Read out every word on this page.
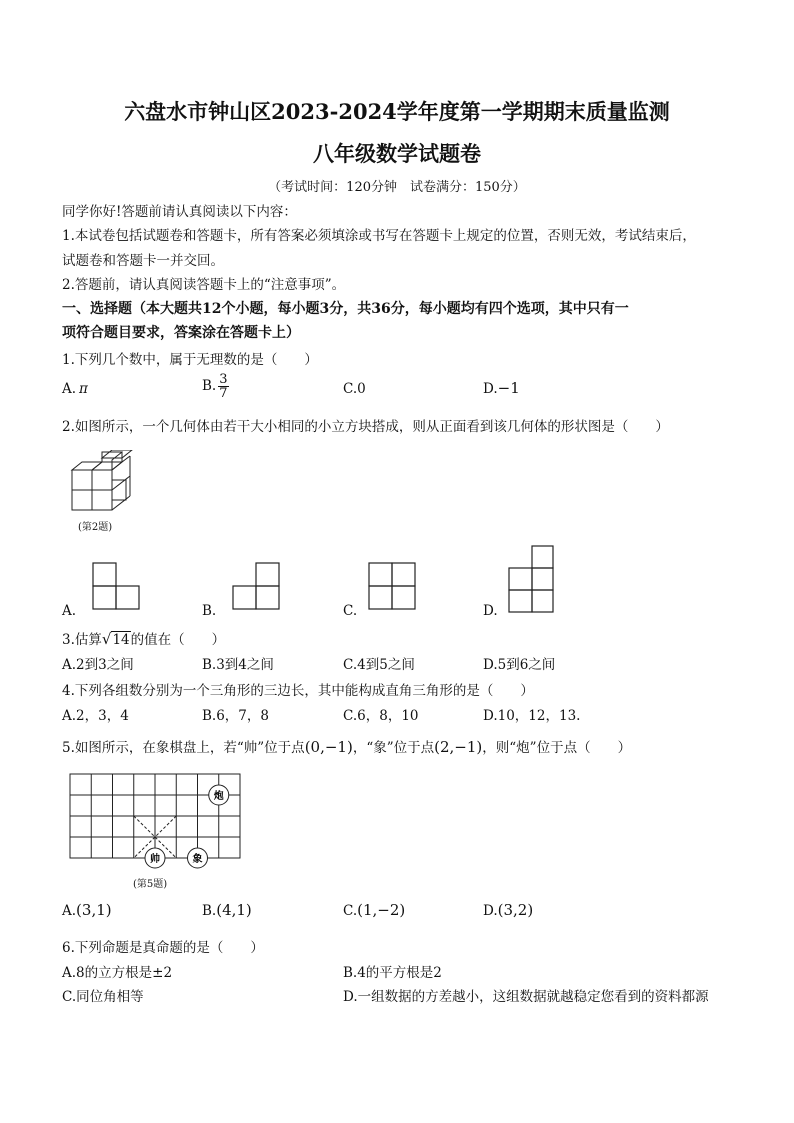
六盘水市钟山区2023-2024学年度第一学期期末质量监测
八年级数学试题卷
（考试时间：120分钟　试卷满分：150分）
同学你好!答题前请认真阅读以下内容：
1.本试卷包括试题卷和答题卡，所有答案必须填涂或书写在答题卡上规定的位置，否则无效，考试结束后，
试题卷和答题卡一并交回。
2.答题前，请认真阅读答题卡上的“注意事项”。
一、选择题（本大题共12个小题，每小题3分，共36分，每小题均有四个选项，其中只有一
项符合题目要求，答案涂在答题卡上）
1.下列几个数中，属于无理数的是（　　）
A. π	B. $\frac{3}{7}$	C.0	D.−1
2.如图所示，一个几何体由若干大小相同的小立方块搭成，则从正面看到该几何体的形状图是（　　）
(第2题)
A.	B.	C.	D.
3.估算√14的值在（　　）
A.2到3之间	B.3到4之间	C.4到5之间	D.5到6之间
4.下列各组数分别为一个三角形的三边长，其中能构成直角三角形的是（　　）
A.2，3，4	B.6，7，8	C.6，8，10	D.10，12，13.
5.如图所示，在象棋盘上，若“帅”位于点(0,−1)，“象”位于点(2,−1)，则“炮”位于点（　　）
炮
帅	象
(第5题)
A.(3,1)	B.(4,1)	C.(1,−2)	D.(3,2)
6.下列命题是真命题的是（　　）
A.8的立方根是±2	B.4的平方根是2
C.同位角相等	D.一组数据的方差越小，这组数据就越稳定您看到的资料都源
